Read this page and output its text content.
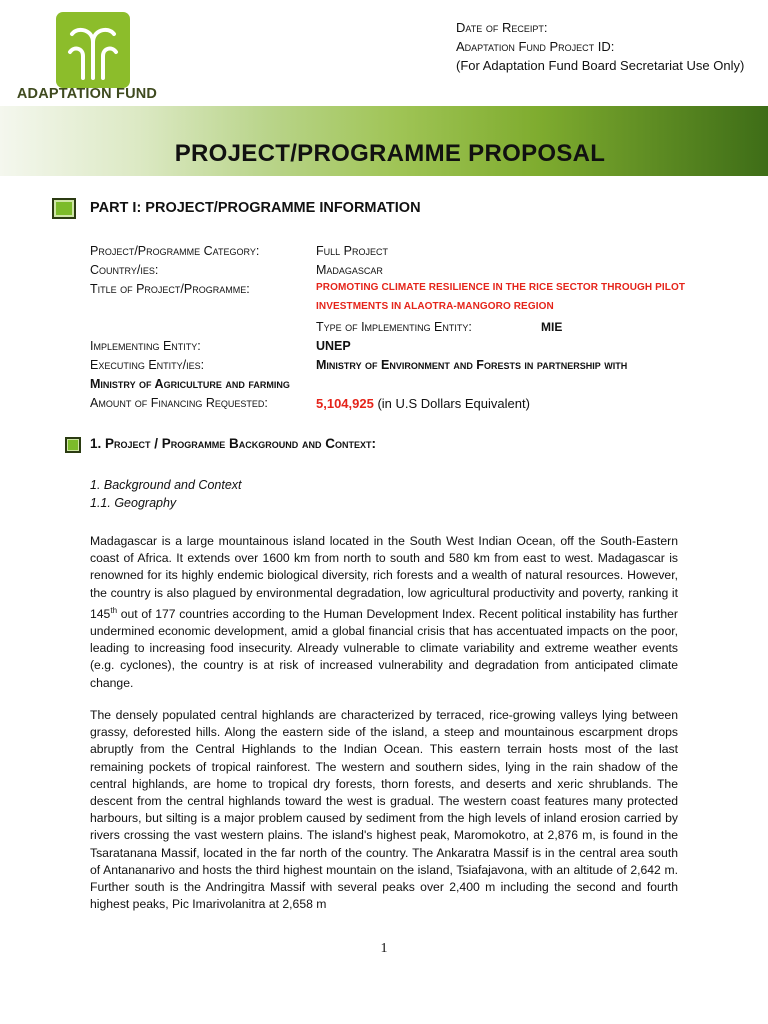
ADAPTATION FUND
Date of Receipt:
Adaptation Fund Project ID:
(For Adaptation Fund Board Secretariat Use Only)
PROJECT/PROGRAMME PROPOSAL
PART I: PROJECT/PROGRAMME INFORMATION
Project/Programme Category:	Full Project
Country/ies:	Madagascar
Title of Project/Programme:	PROMOTING CLIMATE RESILIENCE IN THE RICE SECTOR THROUGH PILOT
INVESTMENTS IN ALAOTRA-MANGORO REGION
Type of Implementing Entity:	MIE
Implementing Entity:	UNEP
Executing Entity/ies:	Ministry of Environment and Forests in partnership with
Ministry of Agriculture and farming
Amount of Financing Requested:	5,104,925 (in U.S Dollars Equivalent)
1. Project / Programme Background and Context:
1. Background and Context
1.1. Geography
Madagascar is a large mountainous island located in the South West Indian Ocean, off the South-Eastern coast of Africa. It extends over 1600 km from north to south and 580 km from east to west. Madagascar is renowned for its highly endemic biological diversity, rich forests and a wealth of natural resources. However, the country is also plagued by environmental degradation, low agricultural productivity and poverty, ranking it 145th out of 177 countries according to the Human Development Index. Recent political instability has further undermined economic development, amid a global financial crisis that has accentuated impacts on the poor, leading to increasing food insecurity. Already vulnerable to climate variability and extreme weather events (e.g. cyclones), the country is at risk of increased vulnerability and degradation from anticipated climate change.
The densely populated central highlands are characterized by terraced, rice-growing valleys lying between grassy, deforested hills. Along the eastern side of the island, a steep and mountainous escarpment drops abruptly from the Central Highlands to the Indian Ocean. This eastern terrain hosts most of the last remaining pockets of tropical rainforest. The western and southern sides, lying in the rain shadow of the central highlands, are home to tropical dry forests, thorn forests, and deserts and xeric shrublands. The descent from the central highlands toward the west is gradual. The western coast features many protected harbours, but silting is a major problem caused by sediment from the high levels of inland erosion carried by rivers crossing the vast western plains. The island's highest peak, Maromokotro, at 2,876 m, is found in the Tsaratanana Massif, located in the far north of the country. The Ankaratra Massif is in the central area south of Antananarivo and hosts the third highest mountain on the island, Tsiafajavona, with an altitude of 2,642 m. Further south is the Andringitra Massif with several peaks over 2,400 m including the second and fourth highest peaks, Pic Imarivolanitra at 2,658 m
1
